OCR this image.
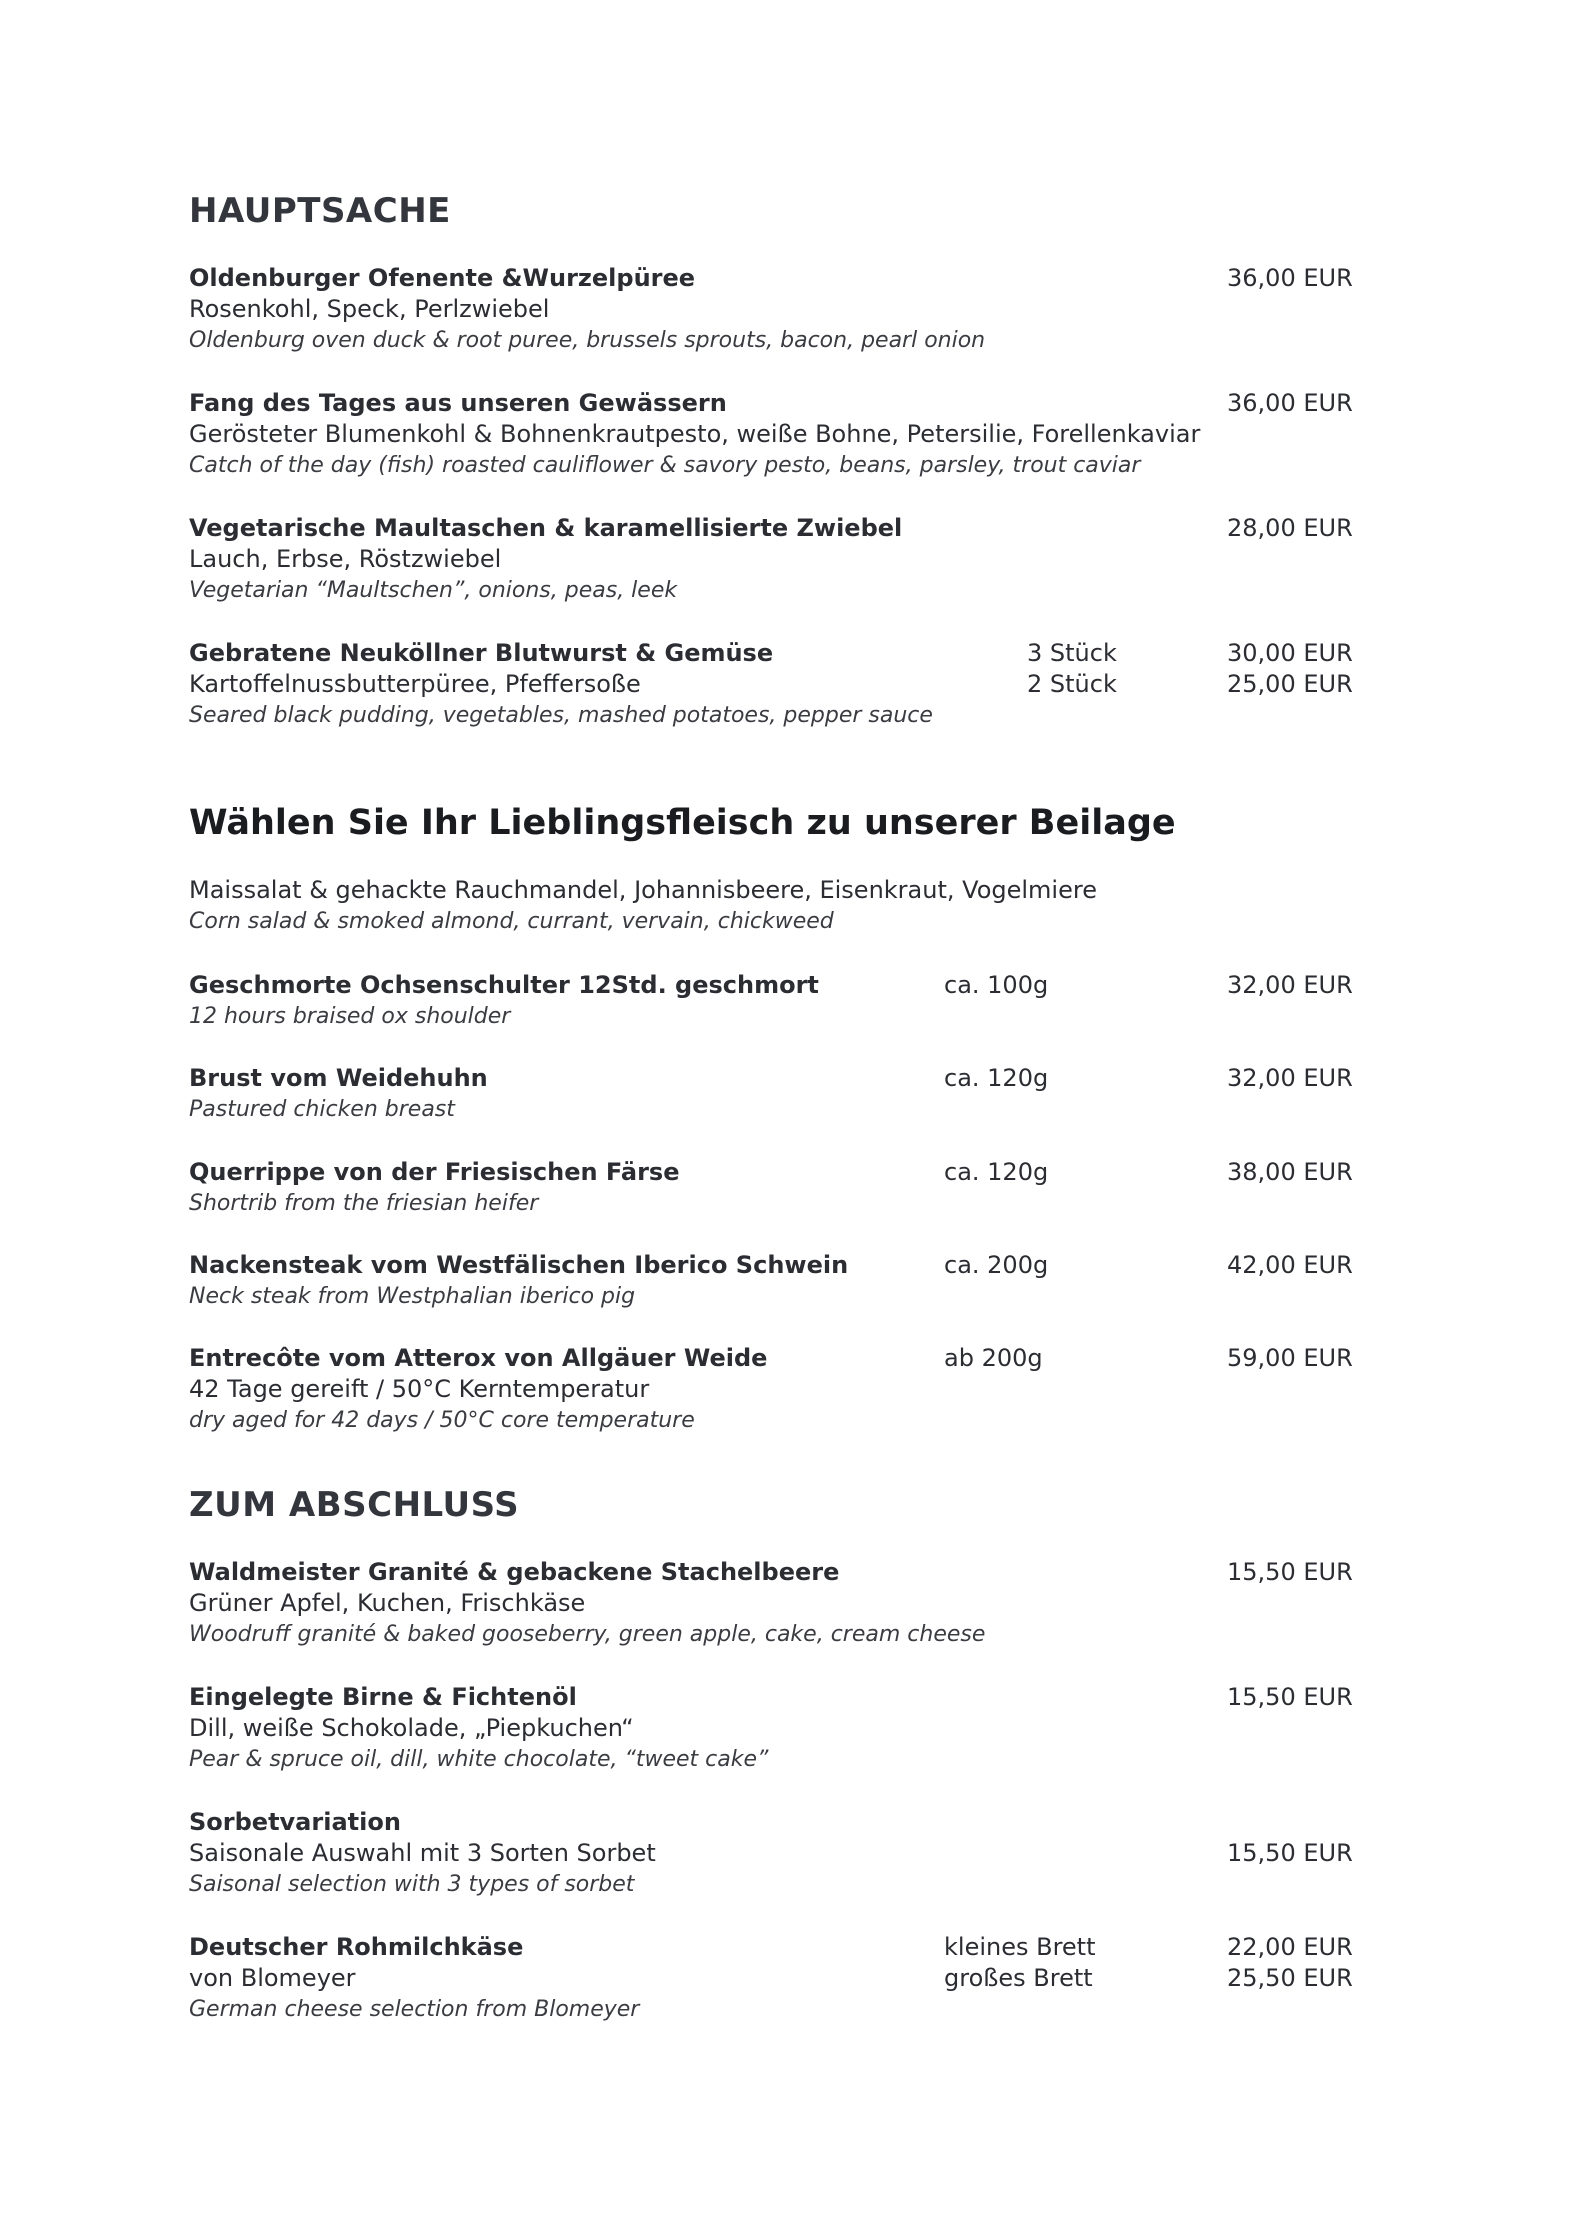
HAUPTSACHE
Oldenburger Ofenente &Wurzelpüree	36,00 EUR
Rosenkohl, Speck, Perlzwiebel
Oldenburg oven duck & root puree, brussels sprouts, bacon, pearl onion
Fang des Tages aus unseren Gewässern	36,00 EUR
Gerösteter Blumenkohl & Bohnenkrautpesto, weiße Bohne, Petersilie, Forellenkaviar
Catch of the day (fish) roasted cauliflower & savory pesto, beans, parsley, trout caviar
Vegetarische Maultaschen & karamellisierte Zwiebel	28,00 EUR
Lauch, Erbse, Röstzwiebel
Vegetarian “Maultschen”, onions, peas, leek
Gebratene Neuköllner Blutwurst & Gemüse	3 Stück	30,00 EUR
Kartoffelnussbutterpüree, Pfeffersoße	2 Stück	25,00 EUR
Seared black pudding, vegetables, mashed potatoes, pepper sauce
Wählen Sie Ihr Lieblingsfleisch zu unserer Beilage
Maissalat & gehackte Rauchmandel, Johannisbeere, Eisenkraut, Vogelmiere
Corn salad & smoked almond, currant, vervain, chickweed
Geschmorte Ochsenschulter 12Std. geschmort	ca. 100g	32,00 EUR
12 hours braised ox shoulder
Brust vom Weidehuhn	ca. 120g	32,00 EUR
Pastured chicken breast
Querrippe von der Friesischen Färse	ca. 120g	38,00 EUR
Shortrib from the friesian heifer
Nackensteak vom Westfälischen Iberico Schwein	ca. 200g	42,00 EUR
Neck steak from Westphalian iberico pig
Entrecôte vom Atterox von Allgäuer Weide	ab 200g	59,00 EUR
42 Tage gereift / 50°C Kerntemperatur
dry aged for 42 days / 50°C core temperature
ZUM ABSCHLUSS
Waldmeister Granité & gebackene Stachelbeere	15,50 EUR
Grüner Apfel, Kuchen, Frischkäse
Woodruff granité & baked gooseberry, green apple, cake, cream cheese
Eingelegte Birne & Fichtenöl	15,50 EUR
Dill, weiße Schokolade, „Piepkuchen“
Pear & spruce oil, dill, white chocolate, “tweet cake”
Sorbetvariation
Saisonale Auswahl mit 3 Sorten Sorbet	15,50 EUR
Saisonal selection with 3 types of sorbet
Deutscher Rohmilchkäse	kleines Brett	22,00 EUR
von Blomeyer	großes Brett	25,50 EUR
German cheese selection from Blomeyer
